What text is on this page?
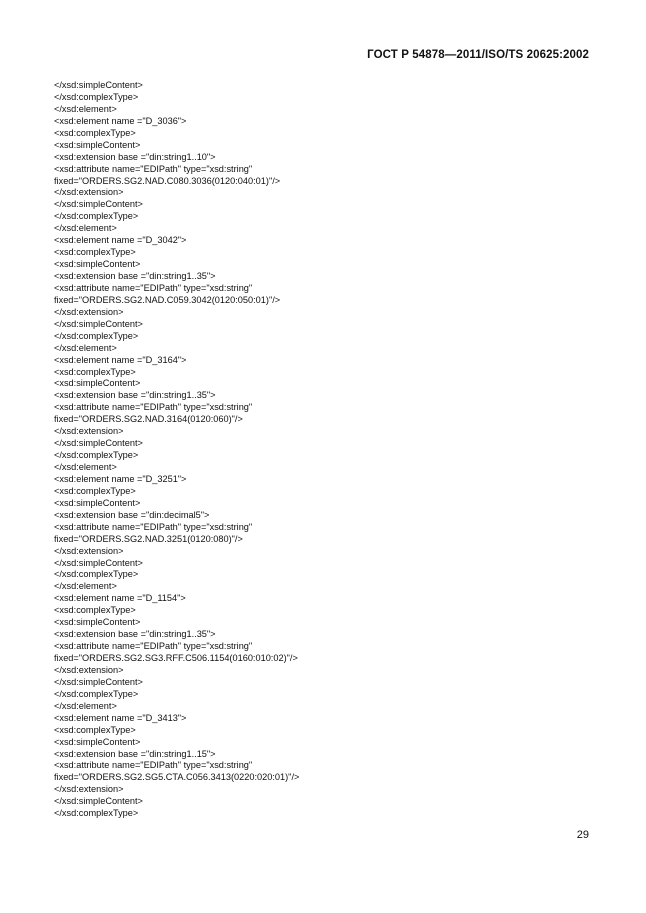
ГОСТ Р 54878—2011/ISO/TS 20625:2002
</xsd:simpleContent>
</xsd:complexType>
</xsd:element>
<xsd:element name ="D_3036">
<xsd:complexType>
<xsd:simpleContent>
<xsd:extension base ="din:string1..10">
<xsd:attribute name="EDIPath" type="xsd:string"
fixed="ORDERS.SG2.NAD.C080.3036(0120:040:01)"/>
</xsd:extension>
</xsd:simpleContent>
</xsd:complexType>
</xsd:element>
<xsd:element name ="D_3042">
<xsd:complexType>
<xsd:simpleContent>
<xsd:extension base ="din:string1..35">
<xsd:attribute name="EDIPath" type="xsd:string"
fixed="ORDERS.SG2.NAD.C059.3042(0120:050:01)"/>
</xsd:extension>
</xsd:simpleContent>
</xsd:complexType>
</xsd:element>
<xsd:element name ="D_3164">
<xsd:complexType>
<xsd:simpleContent>
<xsd:extension base ="din:string1..35">
<xsd:attribute name="EDIPath" type="xsd:string"
fixed="ORDERS.SG2.NAD.3164(0120:060)"/>
</xsd:extension>
</xsd:simpleContent>
</xsd:complexType>
</xsd:element>
<xsd:element name ="D_3251">
<xsd:complexType>
<xsd:simpleContent>
<xsd:extension base ="din:decimal5">
<xsd:attribute name="EDIPath" type="xsd:string"
fixed="ORDERS.SG2.NAD.3251(0120:080)"/>
</xsd:extension>
</xsd:simpleContent>
</xsd:complexType>
</xsd:element>
<xsd:element name ="D_1154">
<xsd:complexType>
<xsd:simpleContent>
<xsd:extension base ="din:string1..35">
<xsd:attribute name="EDIPath" type="xsd:string"
fixed="ORDERS.SG2.SG3.RFF.C506.1154(0160:010:02)"/>
</xsd:extension>
</xsd:simpleContent>
</xsd:complexType>
</xsd:element>
<xsd:element name ="D_3413">
<xsd:complexType>
<xsd:simpleContent>
<xsd:extension base ="din:string1..15">
<xsd:attribute name="EDIPath" type="xsd:string"
fixed="ORDERS.SG2.SG5.CTA.C056.3413(0220:020:01)"/>
</xsd:extension>
</xsd:simpleContent>
</xsd:complexType>
29
